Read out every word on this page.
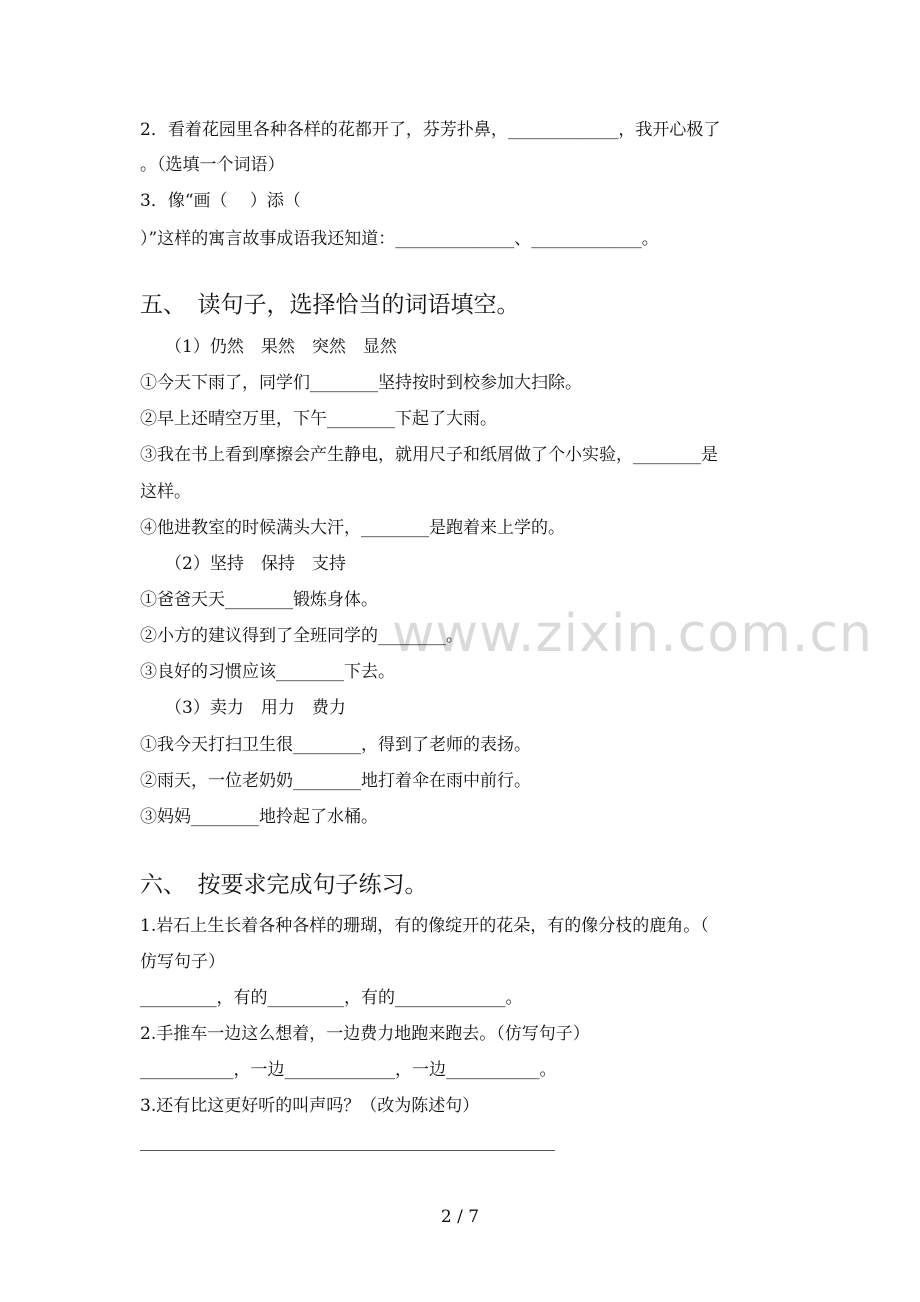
2．看着花园里各种各样的花都开了，芬芳扑鼻，_____________，我开心极了
。（选填一个词语）
3．像“画（　 ）添（
）”这样的寓言故事成语我还知道：______________、_____________。
五、　读句子，选择恰当的词语填空。
（1）仍然　果然　突然　显然
①今天下雨了，同学们________坚持按时到校参加大扫除。
②早上还晴空万里，下午________下起了大雨。
③我在书上看到摩擦会产生静电，就用尺子和纸屑做了个小实验，________是
这样。
④他进教室的时候满头大汗，________是跑着来上学的。
（2）坚持　保持　支持
①爸爸天天________锻炼身体。
②小方的建议得到了全班同学的________。
③良好的习惯应该________下去。
（3）卖力　用力　费力
①我今天打扫卫生很________，得到了老师的表扬。
②雨天，一位老奶奶________地打着伞在雨中前行。
③妈妈________地拎起了水桶。
六、　按要求完成句子练习。
1.岩石上生长着各种各样的珊瑚，有的像绽开的花朵，有的像分枝的鹿角。（
仿写句子）
_________，有的_________，有的_____________。
2.手推车一边这么想着，一边费力地跑来跑去。（仿写句子）
___________，一边_____________，一边___________。
3.还有比这更好听的叫声吗？（改为陈述句）
www.zixin.com.cn
2 / 7
